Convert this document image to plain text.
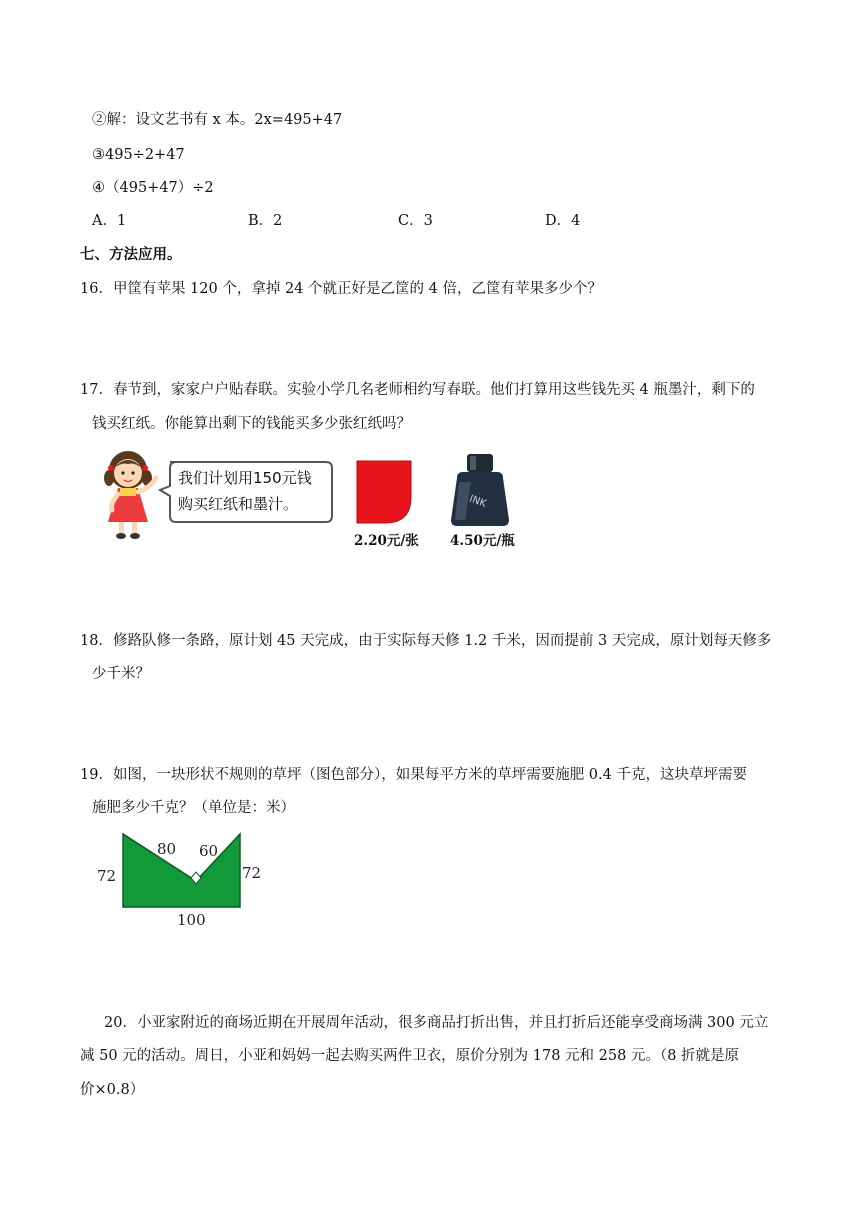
②解：设文艺书有 x 本。2x=495+47
③495÷2+47
④（495+47）÷2
A．1	B．2	C．3	D．4
七、方法应用。
16．甲筐有苹果 120 个，拿掉 24 个就正好是乙筐的 4 倍，乙筐有苹果多少个？
17．春节到，家家户户贴春联。实验小学几名老师相约写春联。他们打算用这些钱先买 4 瓶墨汁，剩下的
钱买红纸。你能算出剩下的钱能买多少张红纸吗？
我们计划用150元钱
购买红纸和墨汁。
2.20元/张
INK
4.50元/瓶
18．修路队修一条路，原计划 45 天完成，由于实际每天修 1.2 千米，因而提前 3 天完成，原计划每天修多
少千米？
19．如图，一块形状不规则的草坪（图色部分），如果每平方米的草坪需要施肥 0.4 千克，这块草坪需要
施肥多少千克？（单位是：米）
72	72
100
80 60
20．小亚家附近的商场近期在开展周年活动，很多商品打折出售，并且打折后还能享受商场满 300 元立
减 50 元的活动。周日，小亚和妈妈一起去购买两件卫衣，原价分别为 178 元和 258 元。（8 折就是原
价×0.8）
